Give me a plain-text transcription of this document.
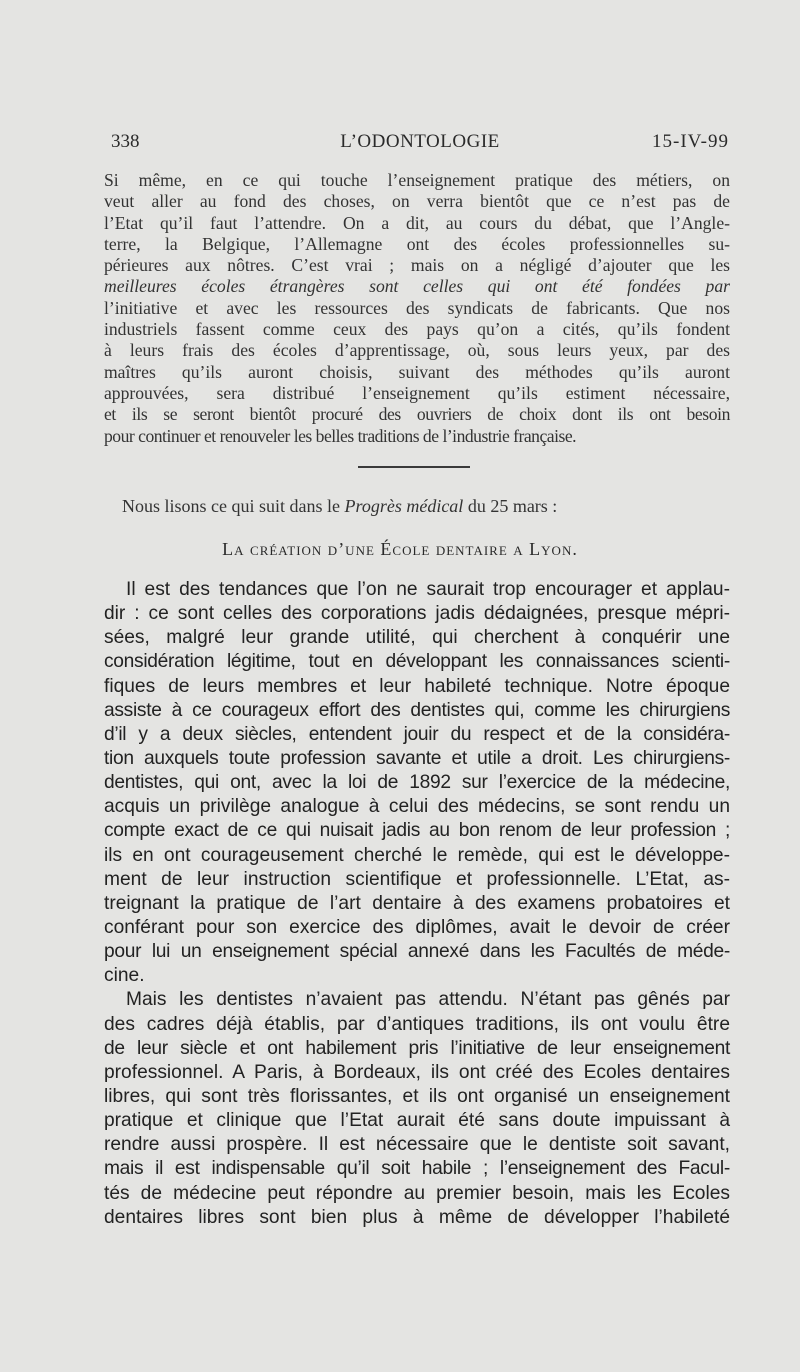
338	L’ODONTOLOGIE	15-IV-99
Si même, en ce qui touche l’enseignement pratique des métiers, on
veut aller au fond des choses, on verra bientôt que ce n’est pas de
l’Etat qu’il faut l’attendre. On a dit, au cours du débat, que l’Angle-
terre, la Belgique, l’Allemagne ont des écoles professionnelles su-
périeures aux nôtres. C’est vrai ; mais on a négligé d’ajouter que les
meilleures écoles étrangères sont celles qui ont été fondées par
l’initiative et avec les ressources des syndicats de fabricants. Que nos
industriels fassent comme ceux des pays qu’on a cités, qu’ils fondent
à leurs frais des écoles d’apprentissage, où, sous leurs yeux, par des
maîtres qu’ils auront choisis, suivant des méthodes qu’ils auront
approuvées, sera distribué l’enseignement qu’ils estiment nécessaire,
et ils se seront bientôt procuré des ouvriers de choix dont ils ont besoin
pour continuer et renouveler les belles traditions de l’industrie française.
Nous lisons ce qui suit dans le Progrès médical du 25 mars :
La création d’une École dentaire a Lyon.
Il est des tendances que l’on ne saurait trop encourager et applau-
dir : ce sont celles des corporations jadis dédaignées, presque mépri-
sées, malgré leur grande utilité, qui cherchent à conquérir une
considération légitime, tout en développant les connaissances scienti-
fiques de leurs membres et leur habileté technique. Notre époque
assiste à ce courageux effort des dentistes qui, comme les chirurgiens
d’il y a deux siècles, entendent jouir du respect et de la considéra-
tion auxquels toute profession savante et utile a droit. Les chirurgiens-
dentistes, qui ont, avec la loi de 1892 sur l’exercice de la médecine,
acquis un privilège analogue à celui des médecins, se sont rendu un
compte exact de ce qui nuisait jadis au bon renom de leur profession ;
ils en ont courageusement cherché le remède, qui est le développe-
ment de leur instruction scientifique et professionnelle. L’Etat, as-
treignant la pratique de l’art dentaire à des examens probatoires et
conférant pour son exercice des diplômes, avait le devoir de créer
pour lui un enseignement spécial annexé dans les Facultés de méde-
cine.
Mais les dentistes n’avaient pas attendu. N’étant pas gênés par
des cadres déjà établis, par d’antiques traditions, ils ont voulu être
de leur siècle et ont habilement pris l’initiative de leur enseignement
professionnel. A Paris, à Bordeaux, ils ont créé des Ecoles dentaires
libres, qui sont très florissantes, et ils ont organisé un enseignement
pratique et clinique que l’Etat aurait été sans doute impuissant à
rendre aussi prospère. Il est nécessaire que le dentiste soit savant,
mais il est indispensable qu’il soit habile ; l’enseignement des Facul-
tés de médecine peut répondre au premier besoin, mais les Ecoles
dentaires libres sont bien plus à même de développer l’habileté
